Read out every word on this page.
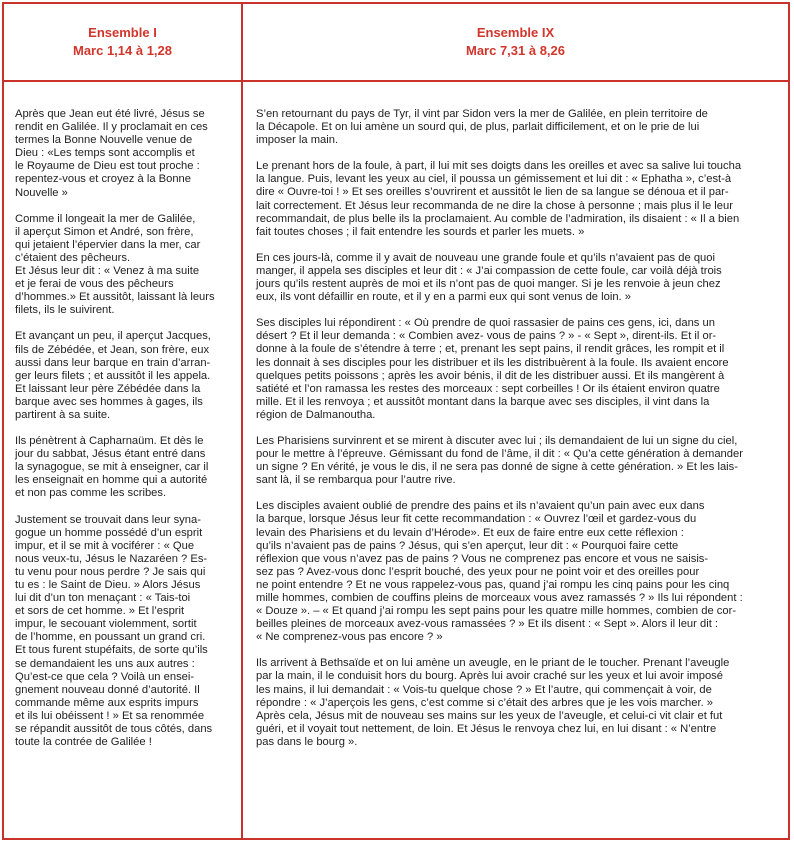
Ensemble I
Marc 1,14 à 1,28
Ensemble IX
Marc 7,31 à 8,26

Après que Jean eut été livré, Jésus se
rendit en Galilée. Il y proclamait en ces
termes la Bonne Nouvelle venue de
Dieu : «Les temps sont accomplis et
le Royaume de Dieu est tout proche :
repentez-vous et croyez à la Bonne
Nouvelle »

Comme il longeait la mer de Galilée,
il aperçut Simon et André, son frère,
qui jetaient l’épervier dans la mer, car
c’étaient des pêcheurs.
Et Jésus leur dit : « Venez à ma suite
et je ferai de vous des pêcheurs
d’hommes.» Et aussitôt, laissant là leurs
filets, ils le suivirent.

Et avançant un peu, il aperçut Jacques,
fils de Zébédée, et Jean, son frère, eux
aussi dans leur barque en train d’arran-
ger leurs filets ; et aussitôt il les appela.
Et laissant leur père Zébédée dans la
barque avec ses hommes à gages, ils
partirent à sa suite.

Ils pénètrent à Capharnaüm. Et dès le
jour du sabbat, Jésus étant entré dans
la synagogue, se mit à enseigner, car il
les enseignait en homme qui a autorité
et non pas comme les scribes.

Justement se trouvait dans leur syna-
gogue un homme possédé d’un esprit
impur, et il se mit à vociférer : « Que
nous veux-tu, Jésus le Nazaréen ? Es-
tu venu pour nous perdre ? Je sais qui
tu es : le Saint de Dieu. » Alors Jésus
lui dit d’un ton menaçant : « Tais-toi
et sors de cet homme. » Et l’esprit
impur, le secouant violemment, sortit
de l’homme, en poussant un grand cri.
Et tous furent stupéfaits, de sorte qu’ils
se demandaient les uns aux autres :
Qu’est-ce que cela ? Voilà un ensei-
gnement nouveau donné d’autorité. Il
commande même aux esprits impurs
et ils lui obéissent ! » Et sa renommée
se répandit aussitôt de tous côtés, dans
toute la contrée de Galilée !

S’en retournant du pays de Tyr, il vint par Sidon vers la mer de Galilée, en plein territoire de
la Décapole. Et on lui amène un sourd qui, de plus, parlait difficilement, et on le prie de lui
imposer la main.

Le prenant hors de la foule, à part, il lui mit ses doigts dans les oreilles et avec sa salive lui toucha
la langue. Puis, levant les yeux au ciel, il poussa un gémissement et lui dit : « Ephatha », c’est-à
dire « Ouvre-toi ! » Et ses oreilles s’ouvrirent et aussitôt le lien de sa langue se dénoua et il par-
lait correctement. Et Jésus leur recommanda de ne dire la chose à personne ; mais plus il le leur
recommandait, de plus belle ils la proclamaient. Au comble de l’admiration, ils disaient : « Il a bien
fait toutes choses ; il fait entendre les sourds et parler les muets. »

En ces jours-là, comme il y avait de nouveau une grande foule et qu’ils n’avaient pas de quoi
manger, il appela ses disciples et leur dit : « J’ai compassion de cette foule, car voilà déjà trois
jours qu’ils restent auprès de moi et ils n’ont pas de quoi manger. Si je les renvoie à jeun chez
eux, ils vont défaillir en route, et il y en a parmi eux qui sont venus de loin. »

Ses disciples lui répondirent : « Où prendre de quoi rassasier de pains ces gens, ici, dans un
désert ? Et il leur demanda : « Combien avez- vous de pains ? » - « Sept », dirent-ils. Et il or-
donne à la foule de s’étendre à terre ; et, prenant les sept pains, il rendit grâces, les rompit et il
les donnait à ses disciples pour les distribuer et ils les distribuèrent à la foule. Ils avaient encore
quelques petits poissons ; après les avoir bénis, il dit de les distribuer aussi. Et ils mangèrent à
satiété et l’on ramassa les restes des morceaux : sept corbeilles ! Or ils étaient environ quatre
mille. Et il les renvoya ; et aussitôt montant dans la barque avec ses disciples, il vint dans la
région de Dalmanoutha.

Les Pharisiens survinrent et se mirent à discuter avec lui ; ils demandaient de lui un signe du ciel,
pour le mettre à l’épreuve. Gémissant du fond de l’âme, il dit : « Qu’a cette génération à demander
un signe ? En vérité, je vous le dis, il ne sera pas donné de signe à cette génération. » Et les lais-
sant là, il se rembarqua pour l’autre rive.

Les disciples avaient oublié de prendre des pains et ils n’avaient qu’un pain avec eux dans
la barque, lorsque Jésus leur fit cette recommandation : « Ouvrez l’œil et gardez-vous du
levain des Pharisiens et du levain d’Hérode». Et eux de faire entre eux cette réflexion :
qu’ils n’avaient pas de pains ? Jésus, qui s’en aperçut, leur dit : « Pourquoi faire cette
réflexion que vous n’avez pas de pains ? Vous ne comprenez pas encore et vous ne saisis-
sez pas ? Avez-vous donc l’esprit bouché, des yeux pour ne point voir et des oreilles pour
ne point entendre ? Et ne vous rappelez-vous pas, quand j’ai rompu les cinq pains pour les cinq
mille hommes, combien de couffins pleins de morceaux vous avez ramassés ? » Ils lui répondent :
« Douze ». – « Et quand j’ai rompu les sept pains pour les quatre mille hommes, combien de cor-
beilles pleines de morceaux avez-vous ramassées ? » Et ils disent : « Sept ». Alors il leur dit :
« Ne comprenez-vous pas encore ? »

Ils arrivent à Bethsaïde et on lui amène un aveugle, en le priant de le toucher. Prenant l’aveugle
par la main, il le conduisit hors du bourg. Après lui avoir craché sur les yeux et lui avoir imposé
les mains, il lui demandait : « Vois-tu quelque chose ? » Et l’autre, qui commençait à voir, de
répondre : « J’aperçois les gens, c’est comme si c’était des arbres que je les vois marcher. »
Après cela, Jésus mit de nouveau ses mains sur les yeux de l’aveugle, et celui-ci vit clair et fut
guéri, et il voyait tout nettement, de loin. Et Jésus le renvoya chez lui, en lui disant : « N’entre
pas dans le bourg ».
